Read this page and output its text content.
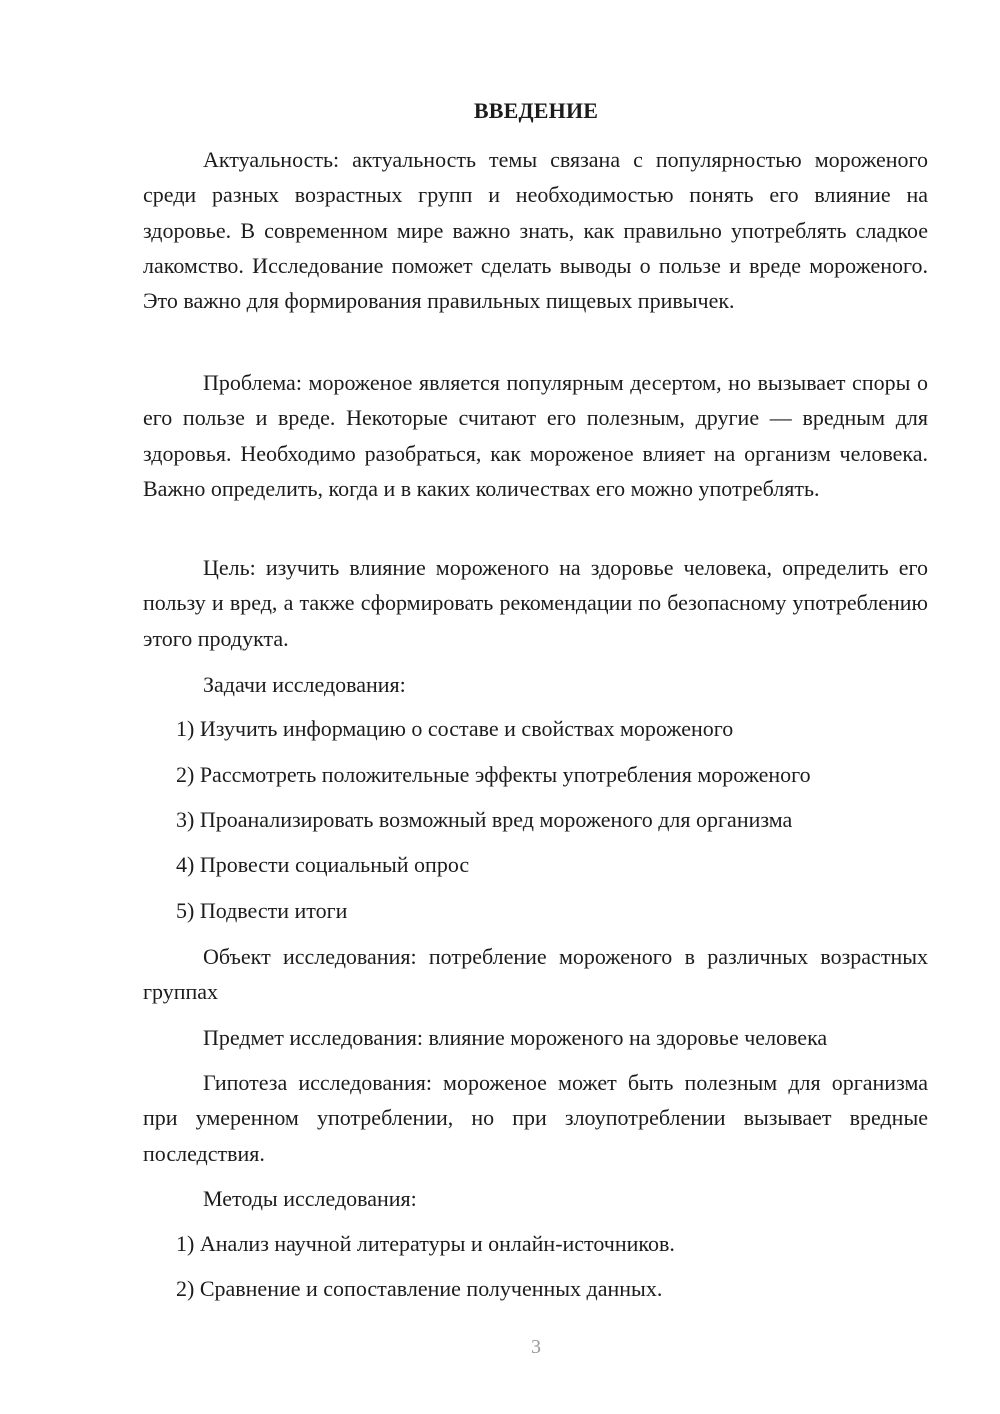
ВВЕДЕНИЕ

Актуальность: актуальность темы связана с популярностью мороженого среди разных возрастных групп и необходимостью понять его влияние на здоровье. В современном мире важно знать, как правильно употреблять сладкое лакомство. Исследование поможет сделать выводы о пользе и вреде мороженого. Это важно для формирования правильных пищевых привычек.

Проблема: мороженое является популярным десертом, но вызывает споры о его пользе и вреде. Некоторые считают его полезным, другие — вредным для здоровья. Необходимо разобраться, как мороженое влияет на организм человека. Важно определить, когда и в каких количествах его можно употреблять.

Цель: изучить влияние мороженого на здоровье человека, определить его пользу и вред, а также сформировать рекомендации по безопасному употреблению этого продукта.

Задачи исследования:

1) Изучить информацию о составе и свойствах мороженого
2) Рассмотреть положительные эффекты употребления мороженого
3) Проанализировать возможный вред мороженого для организма
4) Провести социальный опрос
5) Подвести итоги

Объект исследования: потребление мороженого в различных возрастных группах

Предмет исследования: влияние мороженого на здоровье человека

Гипотеза исследования: мороженое может быть полезным для организма при умеренном употреблении, но при злоупотреблении вызывает вредные последствия.

Методы исследования:

1) Анализ научной литературы и онлайн-источников.
2) Сравнение и сопоставление полученных данных.
3
